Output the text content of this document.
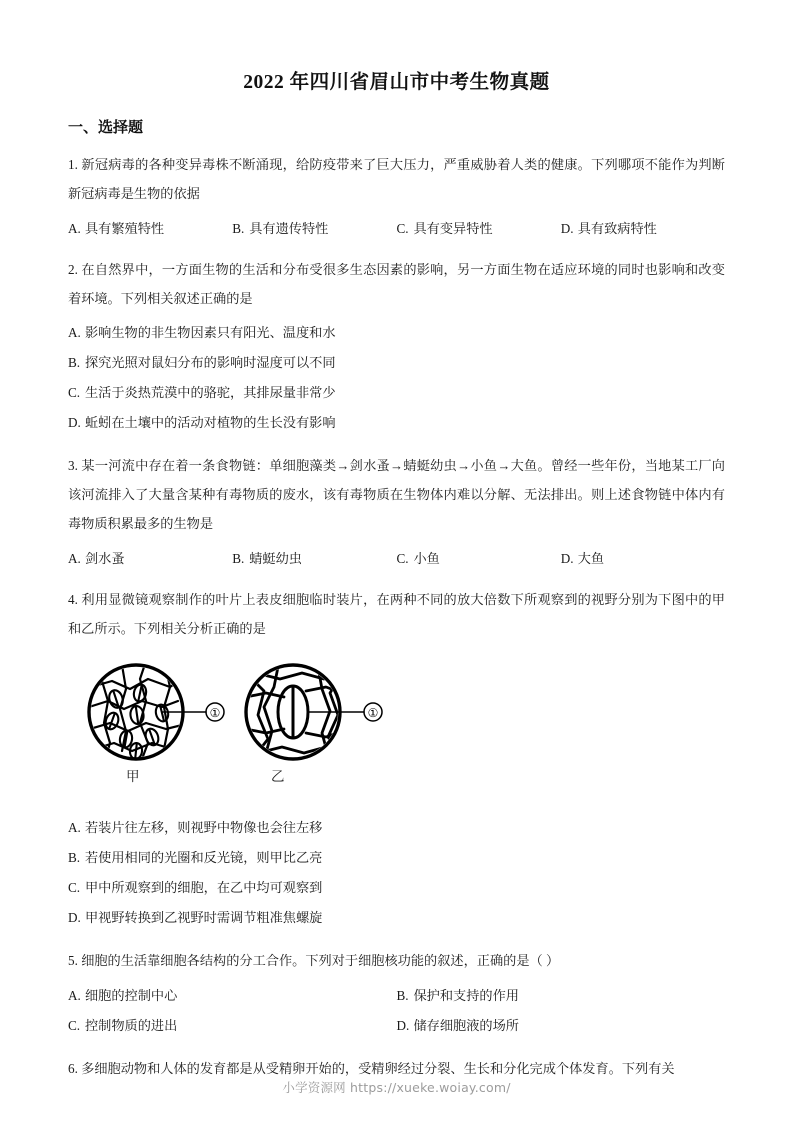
2022 年四川省眉山市中考生物真题
一、选择题
1. 新冠病毒的各种变异毒株不断涌现，给防疫带来了巨大压力，严重威胁着人类的健康。下列哪项不能作为判断新冠病毒是生物的依据
A. 具有繁殖特性	B. 具有遗传特性	C. 具有变异特性	D. 具有致病特性
2. 在自然界中，一方面生物的生活和分布受很多生态因素的影响，另一方面生物在适应环境的同时也影响和改变着环境。下列相关叙述正确的是
A. 影响生物的非生物因素只有阳光、温度和水
B. 探究光照对鼠妇分布的影响时湿度可以不同
C. 生活于炎热荒漠中的骆驼，其排尿量非常少
D. 蚯蚓在土壤中的活动对植物的生长没有影响
3. 某一河流中存在着一条食物链：单细胞藻类→剑水蚤→蜻蜓幼虫→小鱼→大鱼。曾经一些年份，当地某工厂向该河流排入了大量含某种有毒物质的废水，该有毒物质在生物体内难以分解、无法排出。则上述食物链中体内有毒物质积累最多的生物是
A. 剑水蚤	B. 蜻蜓幼虫	C. 小鱼	D. 大鱼
4. 利用显微镜观察制作的叶片上表皮细胞临时装片，在两种不同的放大倍数下所观察到的视野分别为下图中的甲和乙所示。下列相关分析正确的是
①	①
甲	乙
A. 若装片往左移，则视野中物像也会往左移
B. 若使用相同的光圈和反光镜，则甲比乙亮
C. 甲中所观察到的细胞，在乙中均可观察到
D. 甲视野转换到乙视野时需调节粗准焦螺旋
5. 细胞的生活靠细胞各结构的分工合作。下列对于细胞核功能的叙述，正确的是（ ）
A. 细胞的控制中心	B. 保护和支持的作用
C. 控制物质的进出	D. 储存细胞液的场所
6. 多细胞动物和人体的发育都是从受精卵开始的，受精卵经过分裂、生长和分化完成个体发育。下列有关
小学资源网 https://xueke.woiay.com/
